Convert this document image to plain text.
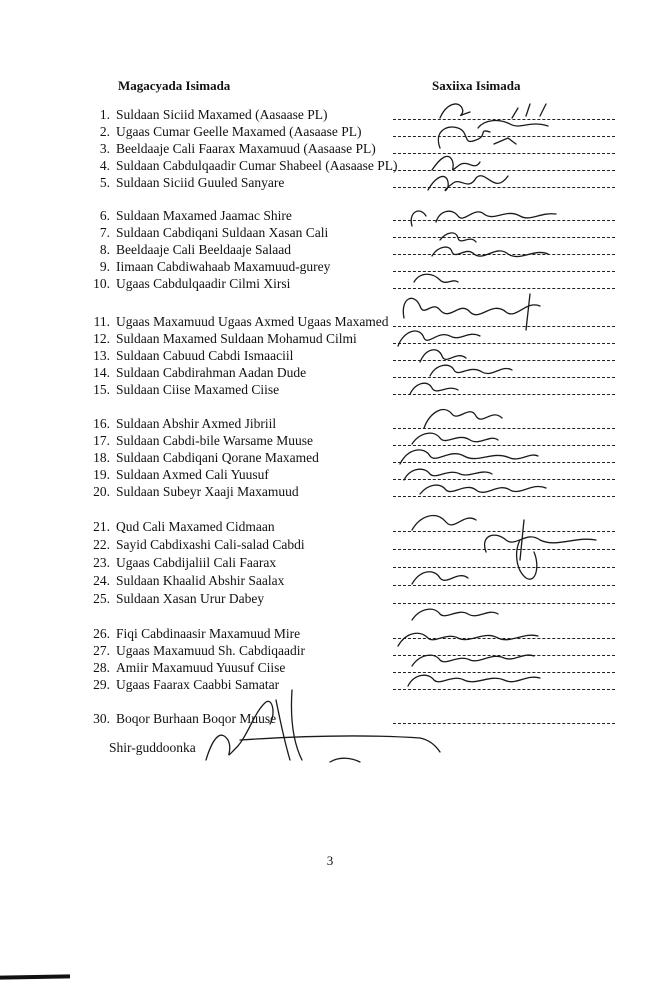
Magacyada Isimada	Saxiixa Isimada
1. Suldaan Siciid Maxamed (Aasaase PL)
2. Ugaas Cumar Geelle Maxamed (Aasaase PL)
3. Beeldaaje Cali Faarax Maxamuud (Aasaase PL)
4. Suldaan Cabdulqaadir Cumar Shabeel (Aasaase PL)
5. Suldaan Siciid Guuled Sanyare
6. Suldaan Maxamed Jaamac Shire
7. Suldaan Cabdiqani Suldaan Xasan Cali
8. Beeldaaje Cali Beeldaaje Salaad
9. Iimaan Cabdiwahaab Maxamuud-gurey
10. Ugaas Cabdulqaadir Cilmi Xirsi
11. Ugaas Maxamuud Ugaas Axmed Ugaas Maxamed
12. Suldaan Maxamed Suldaan Mohamud Cilmi
13. Suldaan Cabuud Cabdi Ismaaciil
14. Suldaan Cabdirahman Aadan Dude
15. Suldaan Ciise Maxamed Ciise
16. Suldaan Abshir Axmed Jibriil
17. Suldaan Cabdi-bile Warsame Muuse
18. Suldaan Cabdiqani Qorane Maxamed
19. Suldaan Axmed Cali Yuusuf
20. Suldaan Subeyr Xaaji Maxamuud
21. Qud Cali Maxamed Cidmaan
22. Sayid Cabdixashi Cali-salad Cabdi
23. Ugaas Cabdijaliil Cali Faarax
24. Suldaan Khaalid Abshir Saalax
25. Suldaan Xasan Urur Dabey
26. Fiqi Cabdinaasir Maxamuud Mire
27. Ugaas Maxamuud Sh. Cabdiqaadir
28. Amiir Maxamuud Yuusuf Ciise
29. Ugaas Faarax Caabbi Samatar
30. Boqor Burhaan Boqor Muuse
Shir-guddoonka
3
